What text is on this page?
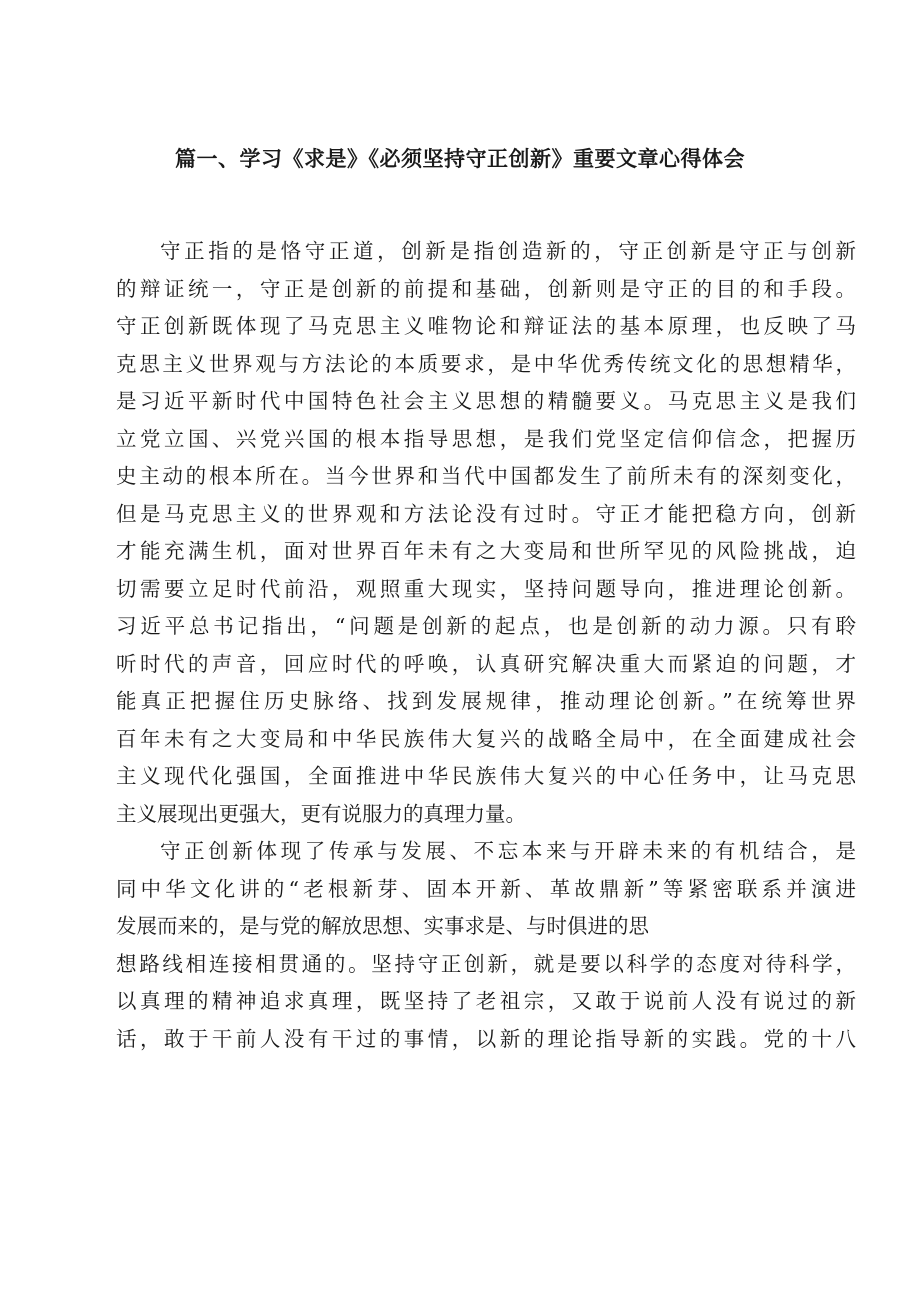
篇一、学习《求是》《必须坚持守正创新》重要文章心得体会
守正指的是恪守正道，创新是指创造新的，守正创新是守正与创新
的辩证统一，守正是创新的前提和基础，创新则是守正的目的和手段。
守正创新既体现了马克思主义唯物论和辩证法的基本原理，也反映了马
克思主义世界观与方法论的本质要求，是中华优秀传统文化的思想精华，
是习近平新时代中国特色社会主义思想的精髓要义。马克思主义是我们
立党立国、兴党兴国的根本指导思想，是我们党坚定信仰信念，把握历
史主动的根本所在。当今世界和当代中国都发生了前所未有的深刻变化，
但是马克思主义的世界观和方法论没有过时。守正才能把稳方向，创新
才能充满生机，面对世界百年未有之大变局和世所罕见的风险挑战，迫
切需要立足时代前沿，观照重大现实，坚持问题导向，推进理论创新。
习近平总书记指出，“问题是创新的起点，也是创新的动力源。只有聆
听时代的声音，回应时代的呼唤，认真研究解决重大而紧迫的问题，才
能真正把握住历史脉络、找到发展规律，推动理论创新。”在统筹世界
百年未有之大变局和中华民族伟大复兴的战略全局中，在全面建成社会
主义现代化强国，全面推进中华民族伟大复兴的中心任务中，让马克思
主义展现出更强大，更有说服力的真理力量。
守正创新体现了传承与发展、不忘本来与开辟未来的有机结合，是
同中华文化讲的“老根新芽、固本开新、革故鼎新”等紧密联系并演进
发展而来的，是与党的解放思想、实事求是、与时俱进的思
想路线相连接相贯通的。坚持守正创新，就是要以科学的态度对待科学，
以真理的精神追求真理，既坚持了老祖宗，又敢于说前人没有说过的新
话，敢于干前人没有干过的事情，以新的理论指导新的实践。党的十八
